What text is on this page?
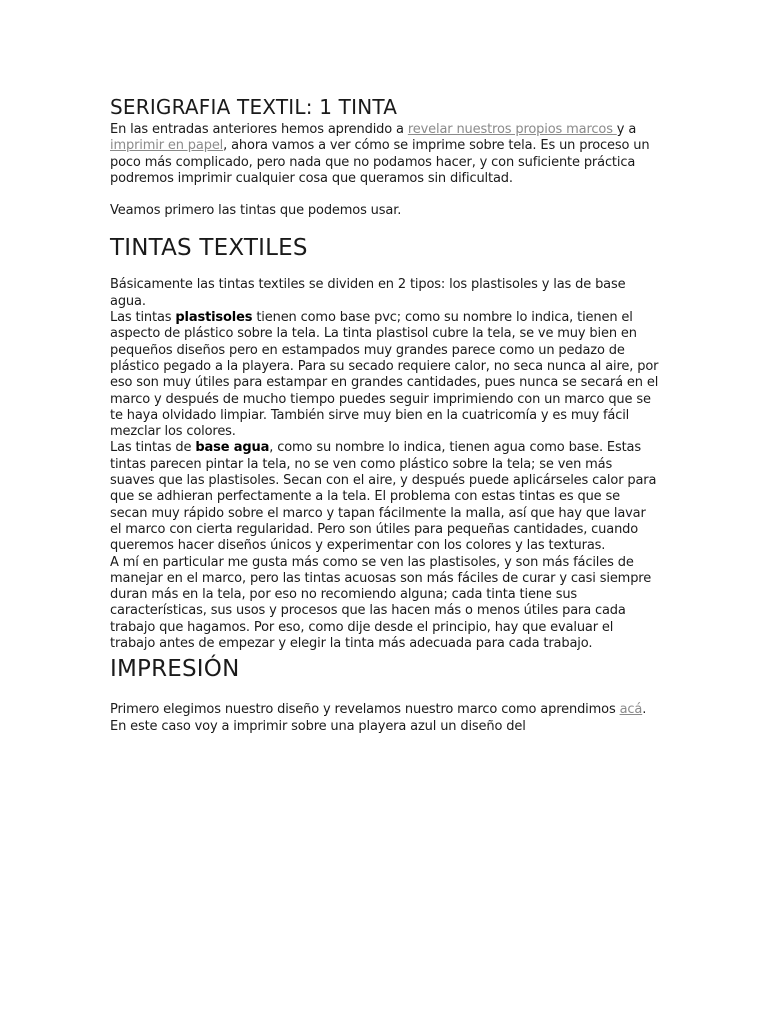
SERIGRAFIA TEXTIL: 1 TINTA

En las entradas anteriores hemos aprendido a revelar nuestros propios marcos y a imprimir en papel, ahora vamos a ver cómo se imprime sobre tela. Es un proceso un poco más complicado, pero nada que no podamos hacer, y con suficiente práctica podremos imprimir cualquier cosa que queramos sin dificultad.

Veamos primero las tintas que podemos usar.

TINTAS TEXTILES

Básicamente las tintas textiles se dividen en 2 tipos: los plastisoles y las de base agua.

Las tintas plastisoles tienen como base pvc; como su nombre lo indica, tienen el aspecto de plástico sobre la tela. La tinta plastisol cubre la tela, se ve muy bien en pequeños diseños pero en estampados muy grandes parece como un pedazo de plástico pegado a la playera. Para su secado requiere calor, no seca nunca al aire, por eso son muy útiles para estampar en grandes cantidades, pues nunca se secará en el marco y después de mucho tiempo puedes seguir imprimiendo con un marco que se te haya olvidado limpiar. También sirve muy bien en la cuatricomía y es muy fácil mezclar los colores.

Las tintas de base agua, como su nombre lo indica, tienen agua como base. Estas tintas parecen pintar la tela, no se ven como plástico sobre la tela; se ven más suaves que las plastisoles. Secan con el aire, y después puede aplicárseles calor para que se adhieran perfectamente a la tela. El problema con estas tintas es que se secan muy rápido sobre el marco y tapan fácilmente la malla, así que hay que lavar el marco con cierta regularidad. Pero son útiles para pequeñas cantidades, cuando queremos hacer diseños únicos y experimentar con los colores y las texturas.

A mí en particular me gusta más como se ven las plastisoles, y son más fáciles de manejar en el marco, pero las tintas acuosas son más fáciles de curar y casi siempre duran más en la tela, por eso no recomiendo alguna; cada tinta tiene sus características, sus usos y procesos que las hacen más o menos útiles para cada trabajo que hagamos. Por eso, como dije desde el principio, hay que evaluar el trabajo antes de empezar y elegir la tinta más adecuada para cada trabajo.

IMPRESIÓN

Primero elegimos nuestro diseño y revelamos nuestro marco como aprendimos acá. En este caso voy a imprimir sobre una playera azul un diseño del
